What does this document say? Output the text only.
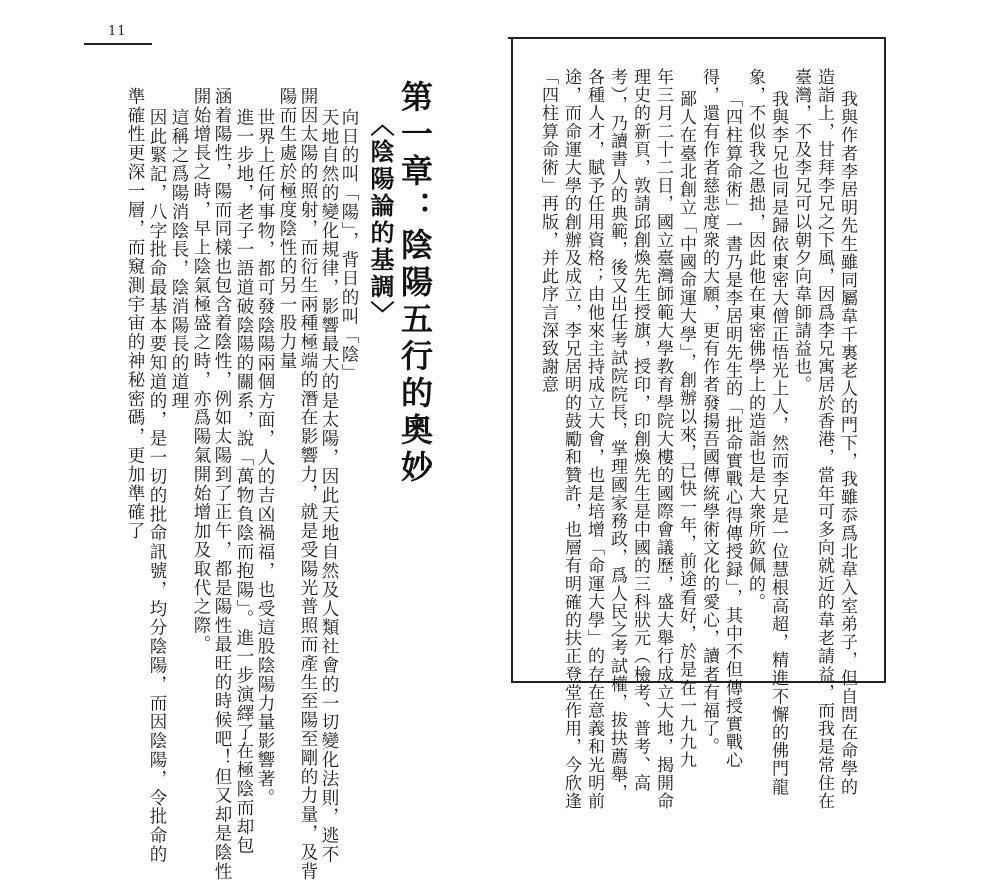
11
第一章：陰陽五行的奧妙
〈陰陽論的基調〉
向日的叫「陽」，背日的叫「陰」
天地自然的變化規律，影響最大的是太陽，因此天地自然及人類社會的一切變化法則，逃不
開因太陽的照射，而衍生兩種極端的潛在影響力，就是受陽光普照而產生至陽至剛的力量，及背
陽而生處於極度陰性的另一股力量
世界上任何事物，都可發陰陽兩個方面，人的吉凶禍福，也受這股陰陽力量影響著。
進一步地，老子一語道破陰陽的關系，說「萬物負陰而抱陽」。進一步演繹了在極陰而却包
涵着陽性，陽而同樣也包含着陰性，例如太陽到了正午，都是陽性最旺的時候吧！但又却是陰性
開始增長之時，早上陰氣極盛之時，亦爲陽氣開始增加及取代之際。
這稱之爲陽消陰長，陰消陽長的道理
因此緊記，八字批命最基本要知道的，是一切的批命訊號，均分陰陽，而因陰陽，令批命的
準確性更深一層，而窺測宇宙的神秘密碼，更加準確了	我與作者李居明先生雖同屬韋千裏老人的門下，我雖忝爲北韋入室弟子，但自問在命學的
造詣上，甘拜李兄之下風，因爲李兄寓居於香港，當年可多向就近的韋老請益，而我是常住在
臺灣，不及李兄可以朝夕向韋師請益也。
我與李兄也同是歸依東密大僧正悟光上人，然而李兄是一位慧根高超，精進不懈的佛門龍
象，不似我之愚拙，因此他在東密佛學上的造詣也是大衆所欽佩的。
「四柱算命術」一書乃是李居明先生的「批命實戰心得傳授録」，其中不但傳授實戰心
得，還有作者慈悲度衆的大願，更有作者發揚吾國傳統學術文化的愛心，讀者有福了。
鄙人在臺北創立「中國命運大學」，創辦以來，已快一年，前途看好，於是在一九九九
年三月二十二日，國立臺灣師範大學教育學院大樓的國際會議歷，盛大舉行成立大地，揭開命
理史的新頁，敦請邱創煥先生授旗，授印，印創煥先生是中國的三科狀元（檢考、普考、高
考），乃讀書人的典範，後又出任考試院院長，掌理國家務政，爲人民之考試權，拔抉薦舉，
各種人才，賦予任用資格；由他來主持成立大會，也是培增「命運大學」的存在意義和光明前
途，而命運大學的創辦及成立，李兄居明的鼓勵和贊許，也層有明確的扶正登堂作用，今欣逢
「四柱算命術」再版，并此序言深致謝意
